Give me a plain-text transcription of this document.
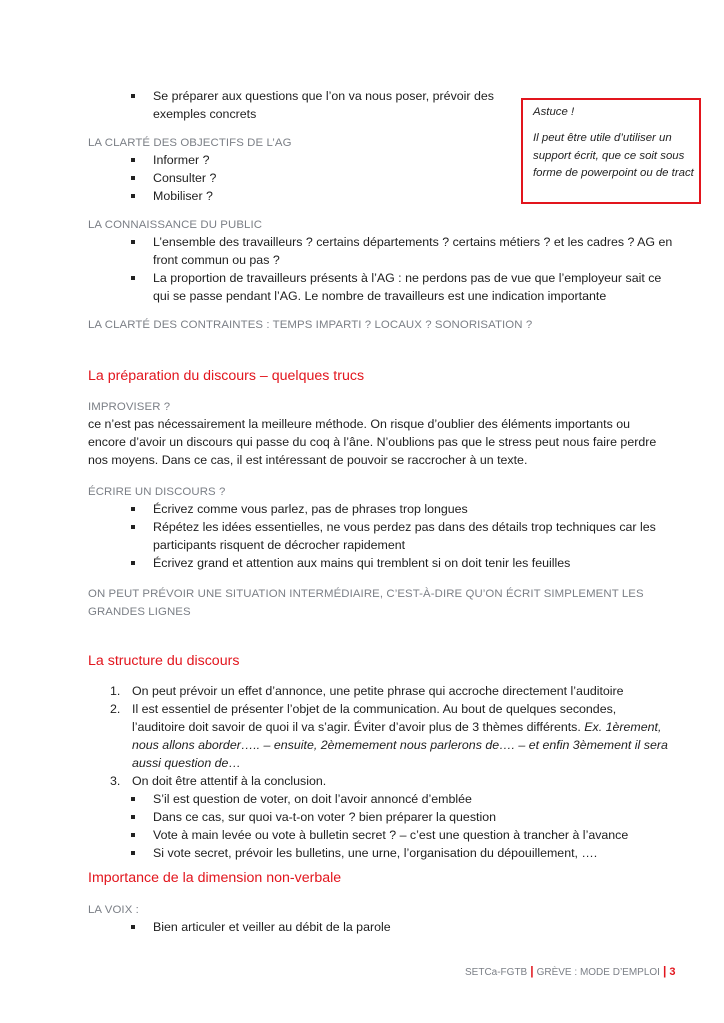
Se préparer aux questions que l’on va nous poser, prévoir des
exemples concrets	Astuce !
Il peut être utile d’utiliser un support écrit, que ce soit sous forme de powerpoint ou de tract
LA CLARTÉ DES OBJECTIFS DE L’AG
Informer ?
Consulter ?
Mobiliser ?
LA CONNAISSANCE DU PUBLIC
L’ensemble des travailleurs ? certains départements ? certains métiers ? et les cadres ? AG en
front commun ou pas ?
La proportion de travailleurs présents à l’AG : ne perdons pas de vue que l’employeur sait ce
qui se passe pendant l’AG. Le nombre de travailleurs est une indication importante
LA CLARTÉ DES CONTRAINTES : TEMPS IMPARTI ? LOCAUX ? SONORISATION ?
La préparation du discours – quelques trucs
IMPROVISER ?
ce n’est pas nécessairement la meilleure méthode. On risque d’oublier des éléments importants ou
encore d’avoir un discours qui passe du coq à l’âne. N’oublions pas que le stress peut nous faire perdre
nos moyens. Dans ce cas, il est intéressant de pouvoir se raccrocher à un texte.
ÉCRIRE UN DISCOURS ?
Écrivez comme vous parlez, pas de phrases trop longues
Répétez les idées essentielles, ne vous perdez pas dans des détails trop techniques car les
participants risquent de décrocher rapidement
Écrivez grand et attention aux mains qui tremblent si on doit tenir les feuilles
ON PEUT PRÉVOIR UNE SITUATION INTERMÉDIAIRE, C’EST-À-DIRE QU’ON ÉCRIT SIMPLEMENT LES
GRANDES LIGNES
La structure du discours
1. On peut prévoir un effet d’annonce, une petite phrase qui accroche directement l’auditoire
2. Il est essentiel de présenter l’objet de la communication. Au bout de quelques secondes,
l’auditoire doit savoir de quoi il va s’agir. Éviter d’avoir plus de 3 thèmes différents. Ex. 1èrement,
nous allons aborder….. – ensuite, 2èmemement nous parlerons de…. – et enfin 3èmement il sera
aussi question de…
3. On doit être attentif à la conclusion.
S’il est question de voter, on doit l’avoir annoncé d’emblée
Dans ce cas, sur quoi va-t-on voter ? bien préparer la question
Vote à main levée ou vote à bulletin secret ? – c’est une question à trancher à l’avance
Si vote secret, prévoir les bulletins, une urne, l’organisation du dépouillement, ….
Importance de la dimension non-verbale
LA VOIX :
Bien articuler et veiller au débit de la parole
SETCa-FGTB | GRÈVE : MODE D’EMPLOI | 3
